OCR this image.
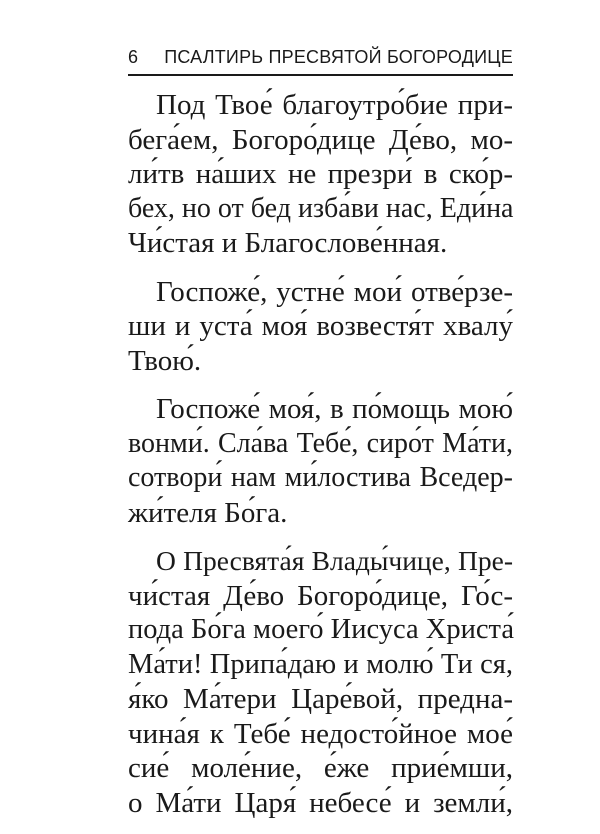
6 ПСАЛТИРЬ ПРЕСВЯТОЙ БОГОРОДИЦЕ
Под Твое́ благоутро́бие при-
бега́ем, Богоро́дице Де́во, мо-
ли́тв на́ших не презри́ в ско́р-
бех, но от бед изба́ви нас, Еди́на
Чи́стая и Благослове́нная.
Госпоже́, устне́ мои́ отве́рзе-
ши и уста́ моя́ возвестя́т хвалу́
Твою́.
Госпоже́ моя́, в по́мощь мою́
вонми́. Сла́ва Тебе́, сиро́т Ма́ти,
сотвори́ нам ми́лостива Вседер-
жи́теля Бо́га.
О Пресвята́я Влады́чице, Пре-
чи́стая Де́во Богоро́дице, Го́с-
пода Бо́га моего́ Иисуса Христа́
Ма́ти! Припа́даю и молю́ Ти ся,
я́ко Ма́тери Царе́вой, предна-
чина́я к Тебе́ недосто́йное мое́
сие́ моле́ние, е́же прие́мши,
о Ма́ти Царя́ небесе́ и земли́,
